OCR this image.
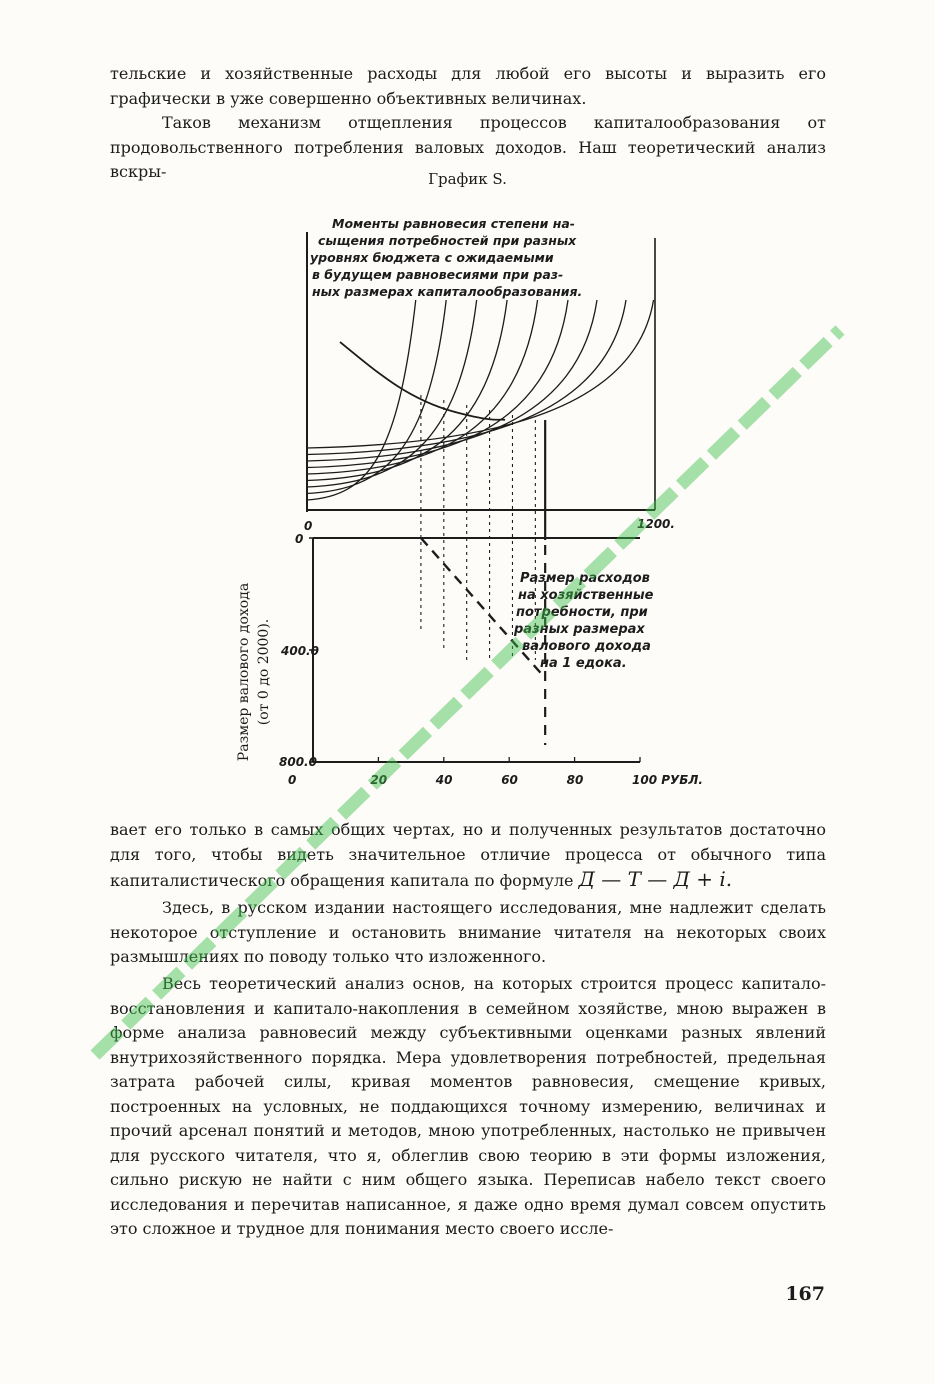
тельские и хозяйственные расходы для любой его высоты и выразить его графически в уже совершенно объективных величинах.
Таков механизм отщепления процессов капиталообразования от продовольственного потребления валовых доходов. Наш теоретический анализ вскры-	График S.
Моменты равновесия степени на-
сыщения потребностей при разных
уровнях бюджета с ожидаемыми
в будущем равновесиями при раз-
ных размерах капиталообразования.
0	1200.
0
400.0
800.0
0	20	40	60	80	100 РУБЛ.
Размер расходов
на хозяйственные
потребности, при
разных размерах
валового дохода
на 1 едока.
Размер валового дохода (от 0 до 2000).

вает его только в самых общих чертах, но и полученных результатов достаточно для того, чтобы видеть значительное отличие процесса от обычного типа капиталистического обращения капитала по формуле Д — Т — Д + i.

Здесь, в русском издании настоящего исследования, мне надлежит сделать некоторое отступление и остановить внимание читателя на некоторых своих размышлениях по поводу только что изложенного.

Весь теоретический анализ основ, на которых строится процесс капитало-восстановления и капитало-накопления в семейном хозяйстве, мною выражен в форме анализа равновесий между субъективными оценками разных явлений внутрихозяйственного порядка. Мера удовлетворения потребностей, предельная затрата рабочей силы, кривая моментов равновесия, смещение кривых, построенных на условных, не поддающихся точному измерению, величинах и прочий арсенал понятий и методов, мною употребленных, настолько не привычен для русского читателя, что я, облеглив свою теорию в эти формы изложения, сильно рискую не найти с ним общего языка. Переписав набело текст своего исследования и перечитав написанное, я даже одно время думал совсем опустить это сложное и трудное для понимания место своего иссле-

167
